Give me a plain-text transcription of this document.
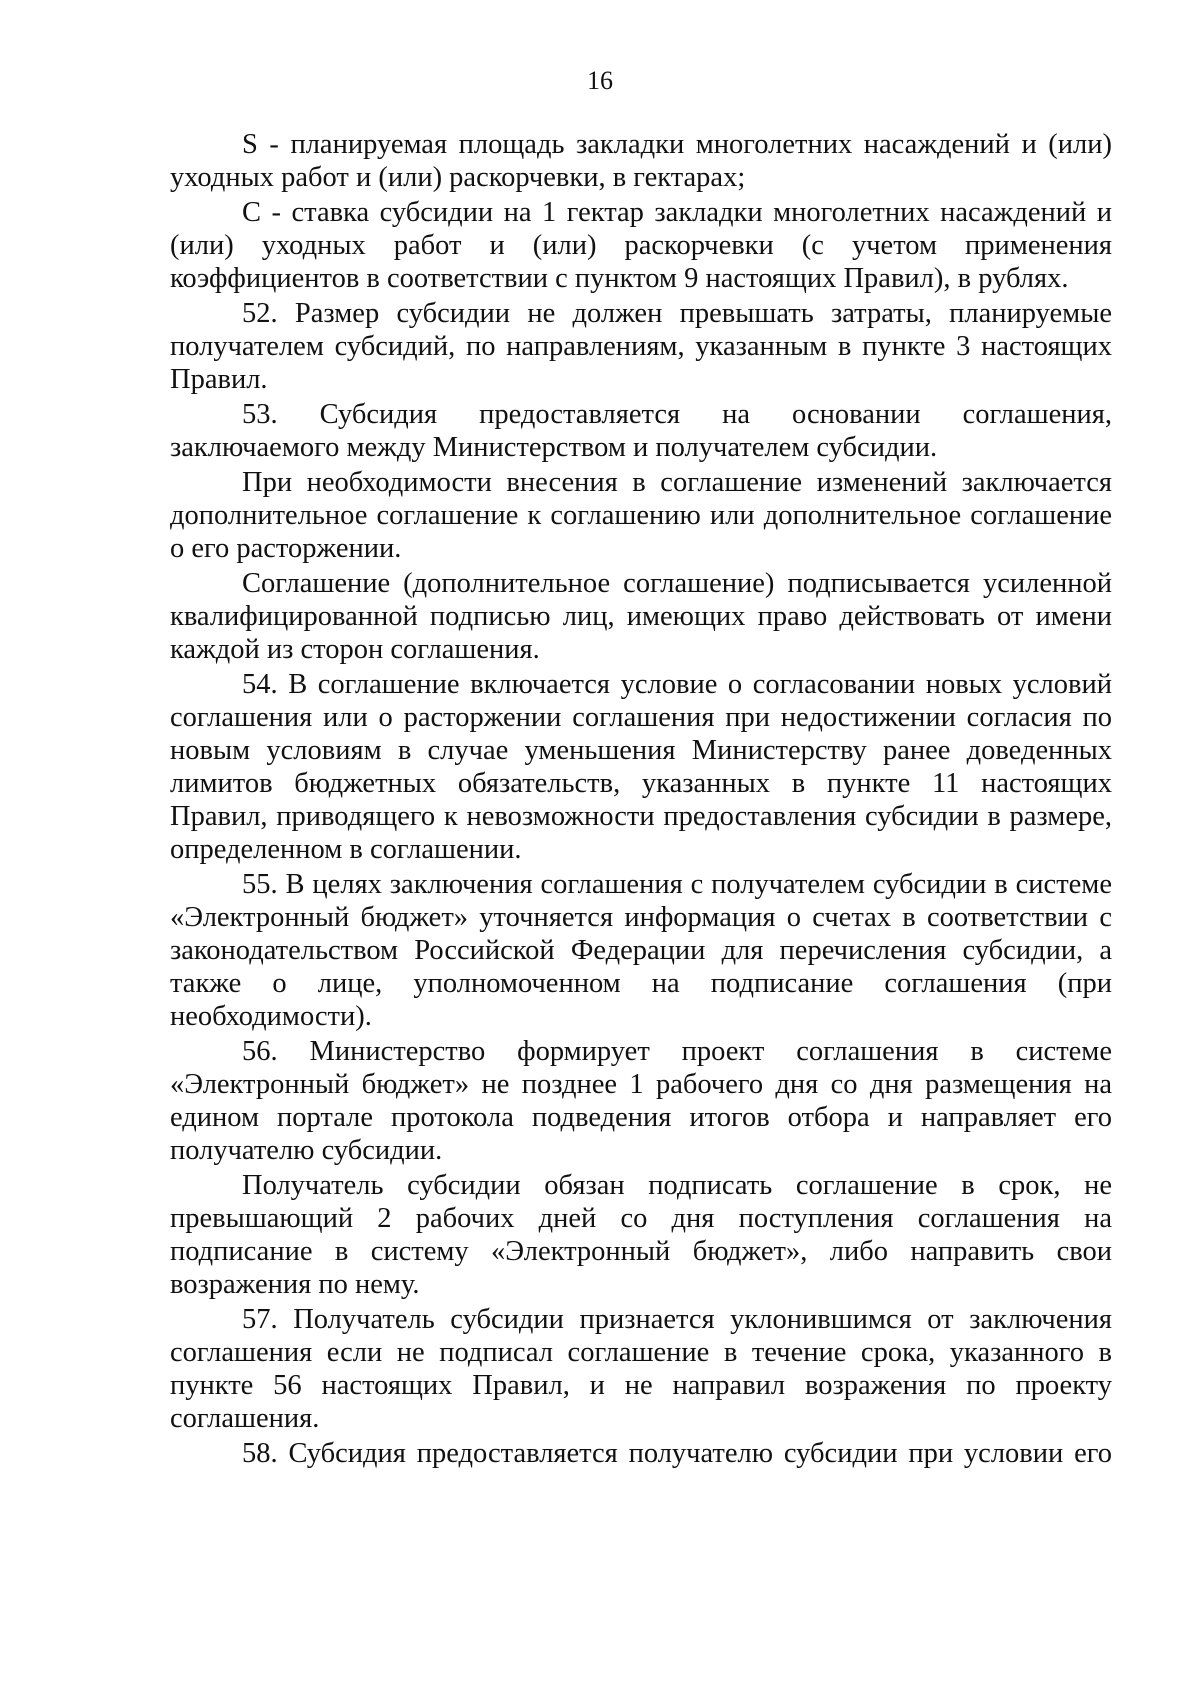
16

S - планируемая площадь закладки многолетних насаждений и (или) уходных работ и (или) раскорчевки, в гектарах;

С - ставка субсидии на 1 гектар закладки многолетних насаждений и (или) уходных работ и (или) раскорчевки (с учетом применения коэффициентов в соответствии с пунктом 9 настоящих Правил), в рублях.

52. Размер субсидии не должен превышать затраты, планируемые получателем субсидий, по направлениям, указанным в пункте 3 настоящих Правил.

53. Субсидия предоставляется на основании соглашения, заключаемого между Министерством и получателем субсидии.

При необходимости внесения в соглашение изменений заключается дополнительное соглашение к соглашению или дополнительное соглашение о его расторжении.

Соглашение (дополнительное соглашение) подписывается усиленной квалифицированной подписью лиц, имеющих право действовать от имени каждой из сторон соглашения.

54. В соглашение включается условие о согласовании новых условий соглашения или о расторжении соглашения при недостижении согласия по новым условиям в случае уменьшения Министерству ранее доведенных лимитов бюджетных обязательств, указанных в пункте 11 настоящих Правил, приводящего к невозможности предоставления субсидии в размере, определенном в соглашении.

55. В целях заключения соглашения с получателем субсидии в системе «Электронный бюджет» уточняется информация о счетах в соответствии с законодательством Российской Федерации для перечисления субсидии, а также о лице, уполномоченном на подписание соглашения (при необходимости).

56. Министерство формирует проект соглашения в системе «Электронный бюджет» не позднее 1 рабочего дня со дня размещения на едином портале протокола подведения итогов отбора и направляет его получателю субсидии.

Получатель субсидии обязан подписать соглашение в срок, не превышающий 2 рабочих дней со дня поступления соглашения на подписание в систему «Электронный бюджет», либо направить свои возражения по нему.

57. Получатель субсидии признается уклонившимся от заключения соглашения если не подписал соглашение в течение срока, указанного в пункте 56 настоящих Правил, и не направил возражения по проекту соглашения.

58. Субсидия предоставляется получателю субсидии при условии его
